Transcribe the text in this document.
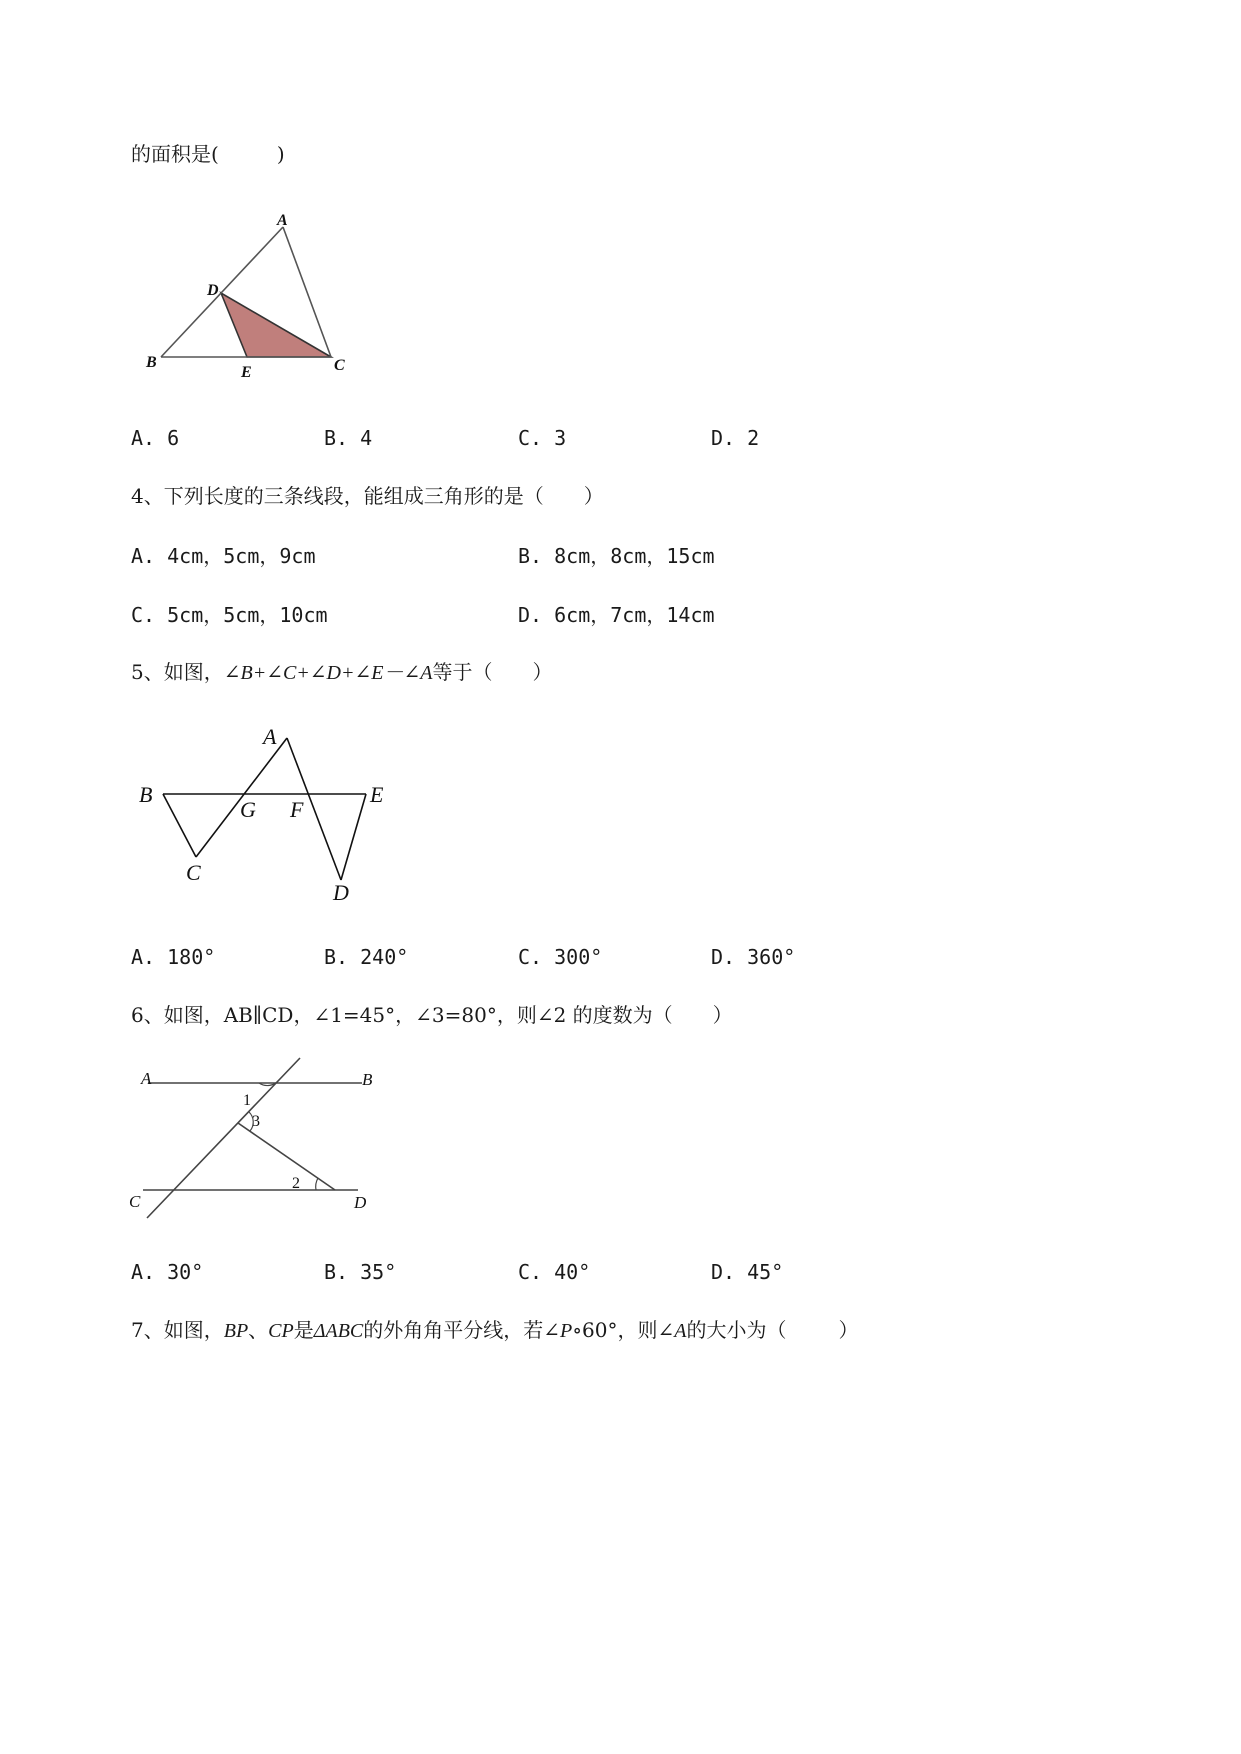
的面积是(	)
A
D
B
E	C
A. 6	B. 4	C. 3	D. 2
4、下列长度的三条线段，能组成三角形的是（ ）
A. 4cm，5cm，9cm	B. 8cm，8cm，15cm
C. 5cm，5cm，10cm	D. 6cm，7cm，14cm
5、如图，∠B+∠C+∠D+∠E－∠A等于（ ）
A
B	E
G F
C
D
A. 180°	B. 240°	C. 300°	D. 360°
6、如图，AB∥CD，∠1=45°，∠3=80°，则∠2 的度数为（ ）
A	B
C	D
1
3
2
A. 30°	B. 35°	C. 40°	D. 45°
7、如图，BP、CP是ΔABC的外角角平分线，若∠P∘60°，则∠A的大小为（	）
